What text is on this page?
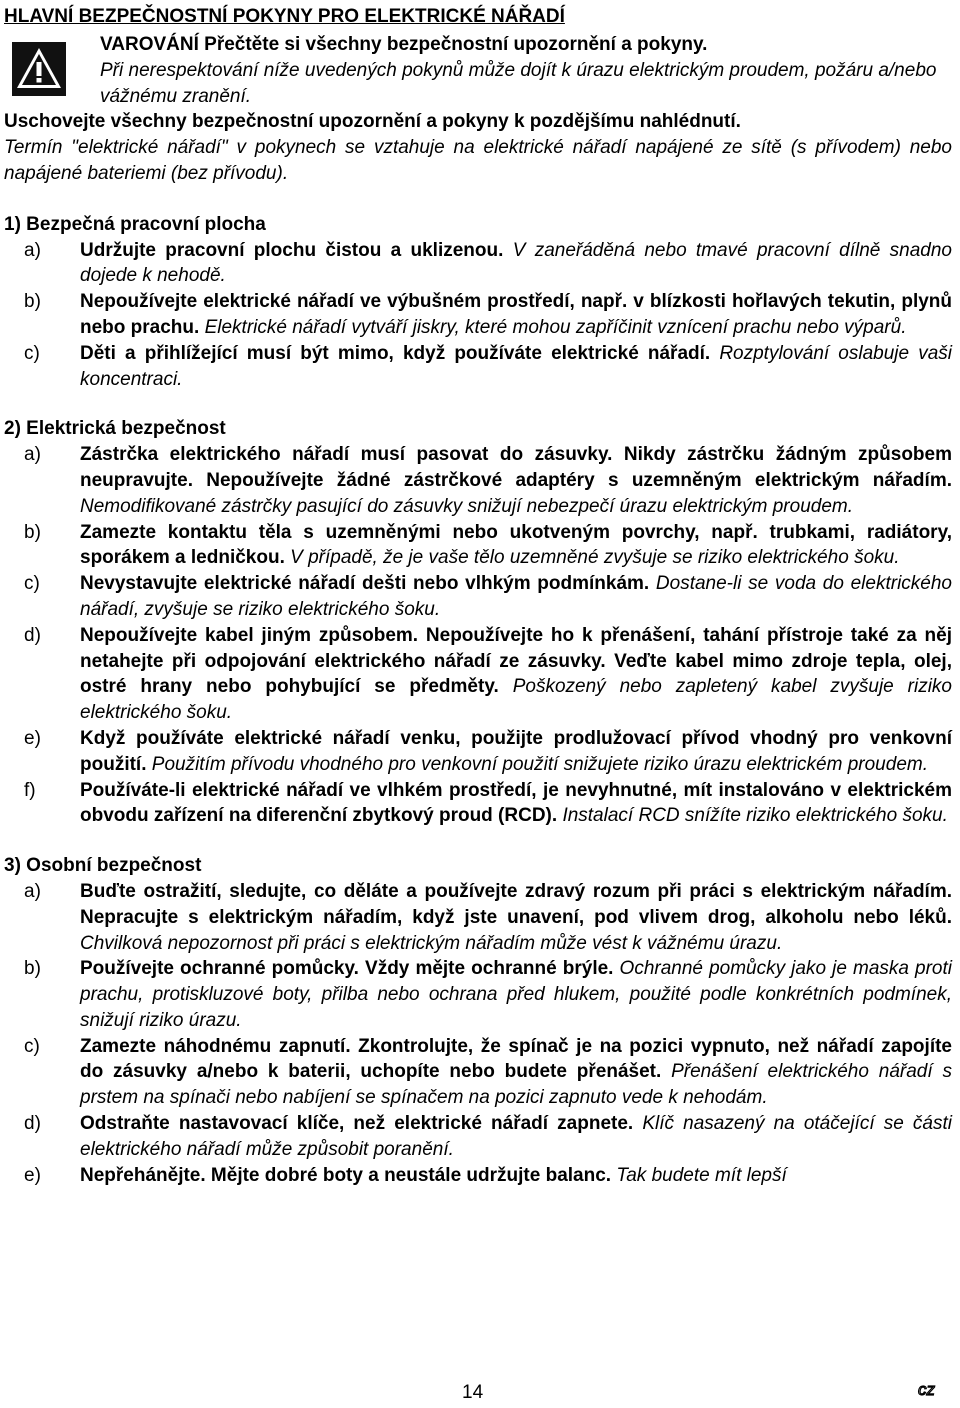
HLAVNÍ BEZPEČNOSTNÍ POKYNY PRO ELEKTRICKÉ NÁŘADÍ

VAROVÁNÍ Přečtěte si všechny bezpečnostní upozornění a pokyny.

Při nerespektování níže uvedených pokynů může dojít k úrazu elektrickým proudem, požáru a/nebo vážnému zranění.

Uschovejte všechny bezpečnostní upozornění a pokyny k pozdějšímu nahlédnutí.

Termín "elektrické nářadí" v pokynech se vztahuje na elektrické nářadí napájené ze sítě (s přívodem) nebo napájené bateriemi (bez přívodu).

1) Bezpečná pracovní plocha

a) Udržujte pracovní plochu čistou a uklizenou. V zaneřáděná nebo tmavé pracovní dílně snadno dojede k nehodě.
b) Nepoužívejte elektrické nářadí ve výbušném prostředí, např. v blízkosti hořlavých tekutin, plynů nebo prachu. Elektrické nářadí vytváří jiskry, které mohou zapříčinit vznícení prachu nebo výparů.
c) Děti a přihlížející musí být mimo, když používáte elektrické nářadí. Rozptylování oslabuje vaši koncentraci.

2) Elektrická bezpečnost

a) Zástrčka elektrického nářadí musí pasovat do zásuvky. Nikdy zástrčku žádným způsobem neupravujte. Nepoužívejte žádné zástrčkové adaptéry s uzemněným elektrickým nářadím. Nemodifikované zástrčky pasující do zásuvky snižují nebezpečí úrazu elektrickým proudem.
b) Zamezte kontaktu těla s uzemněnými nebo ukotveným povrchy, např. trubkami, radiátory, sporákem a ledničkou. V případě, že je vaše tělo uzemněné zvyšuje se riziko elektrického šoku.
c) Nevystavujte elektrické nářadí dešti nebo vlhkým podmínkám. Dostane-li se voda do elektrického nářadí, zvyšuje se riziko elektrického šoku.
d) Nepoužívejte kabel jiným způsobem. Nepoužívejte ho k přenášení, tahání přístroje také za něj netahejte při odpojování elektrického nářadí ze zásuvky. Veďte kabel mimo zdroje tepla, olej, ostré hrany nebo pohybující se předměty. Poškozený nebo zapletený kabel zvyšuje riziko elektrického šoku.
e) Když používáte elektrické nářadí venku, použijte prodlužovací přívod vhodný pro venkovní použití. Použitím přívodu vhodného pro venkovní použití snižujete riziko úrazu elektrickém proudem.
f) Používáte-li elektrické nářadí ve vlhkém prostředí, je nevyhnutné, mít instalováno v elektrickém obvodu zařízení na diferenční zbytkový proud (RCD). Instalací RCD snížíte riziko elektrického šoku.

3) Osobní bezpečnost

a) Buďte ostražití, sledujte, co děláte a používejte zdravý rozum při práci s elektrickým nářadím. Nepracujte s elektrickým nářadím, když jste unavení, pod vlivem drog, alkoholu nebo léků. Chvilková nepozornost při práci s elektrickým nářadím může vést k vážnému úrazu.
b) Používejte ochranné pomůcky. Vždy mějte ochranné brýle. Ochranné pomůcky jako je maska proti prachu, protiskluzové boty, přilba nebo ochrana před hlukem, použité podle konkrétních podmínek, snižují riziko úrazu.
c) Zamezte náhodnému zapnutí. Zkontrolujte, že spínač je na pozici vypnuto, než nářadí zapojíte do zásuvky a/nebo k baterii, uchopíte nebo budete přenášet. Přenášení elektrického nářadí s prstem na spínači nebo nabíjení se spínačem na pozici zapnuto vede k nehodám.
d) Odstraňte nastavovací klíče, než elektrické nářadí zapnete. Klíč nasazený na otáčející se části elektrického nářadí může způsobit poranění.
e) Nepřeháněјte. Mějte dobré boty a neustále udržujte balanc. Tak budete mít lepší
14	cz
